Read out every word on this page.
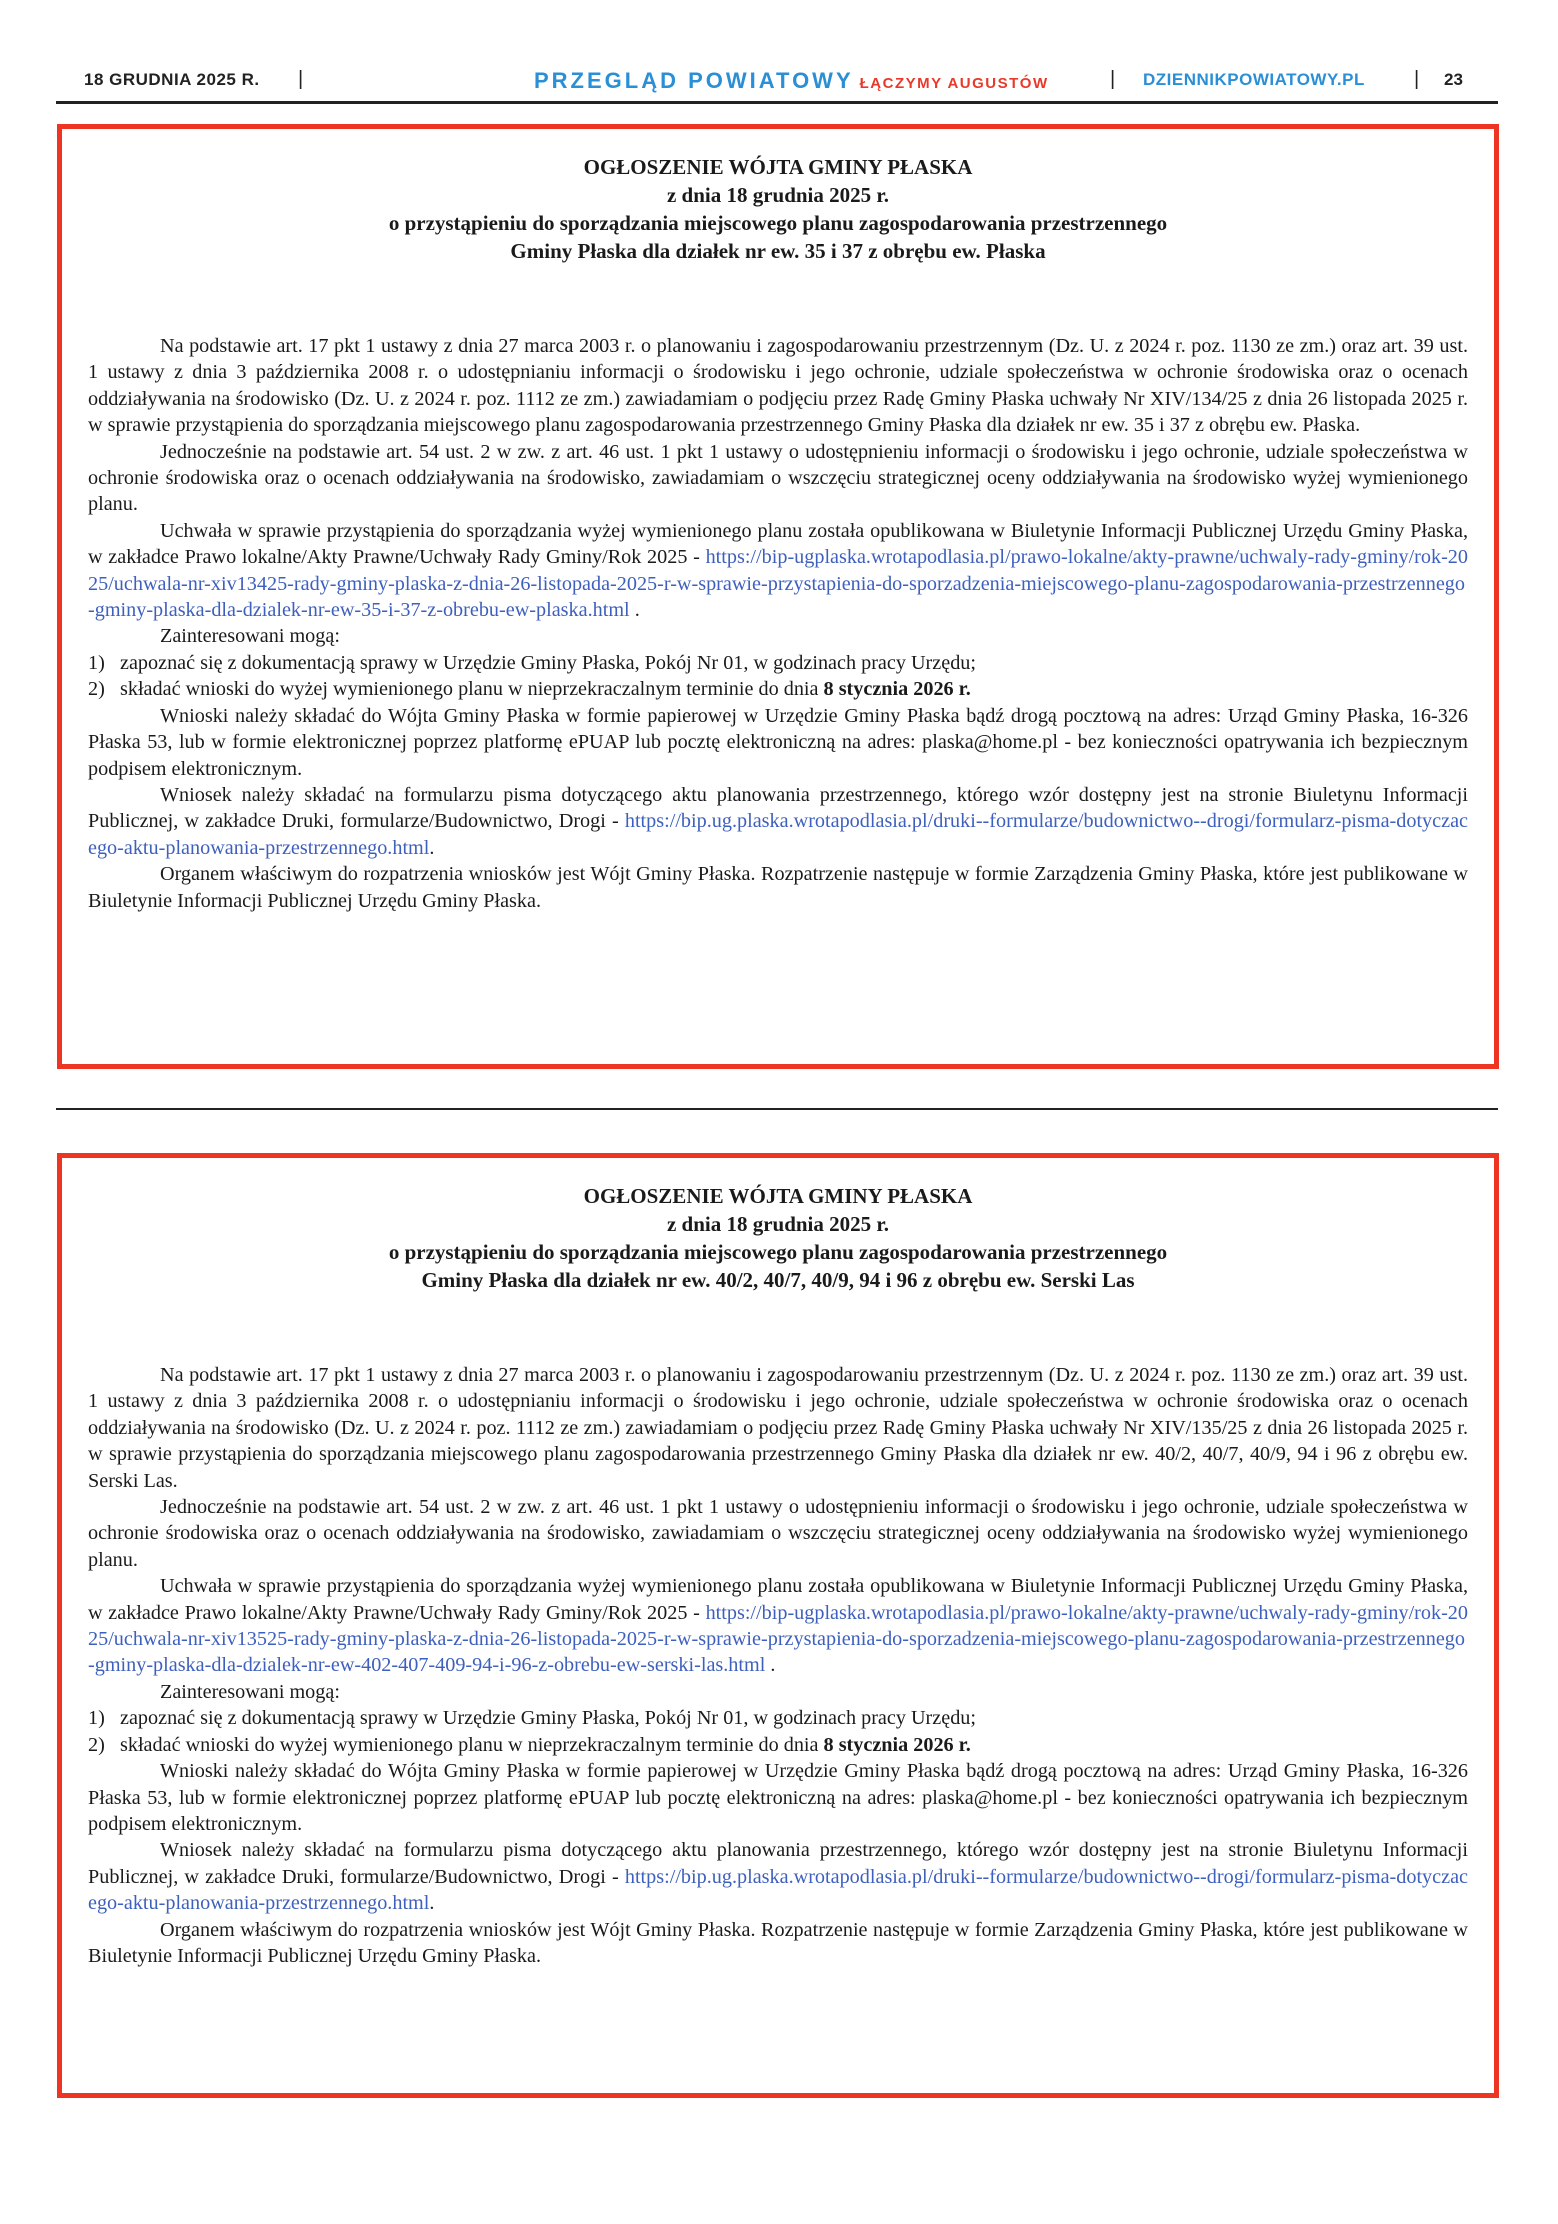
18 GRUDNIA 2025 R. |	PRZEGLĄD POWIATOWY ŁĄCZYMY AUGUSTÓW	| DZIENNIKPOWIATOWY.PL | 23

OGŁOSZENIE WÓJTA GMINY PŁASKA

z dnia 18 grudnia 2025 r.

o przystąpieniu do sporządzania miejscowego planu zagospodarowania przestrzennego

Gminy Płaska dla działek nr ew. 35 i 37 z obrębu ew. Płaska

Na podstawie art. 17 pkt 1 ustawy z dnia 27 marca 2003 r. o planowaniu i zagospodarowaniu przestrzennym (Dz. U. z 2024 r. poz. 1130 ze zm.) oraz art. 39 ust. 1 ustawy z dnia 3 października 2008 r. o udostępnianiu informacji o środowisku i jego ochronie, udziale społeczeństwa w ochronie środowiska oraz o ocenach oddziaływania na środowisko (Dz. U. z 2024 r. poz. 1112 ze zm.) zawiadamiam o podjęciu przez Radę Gminy Płaska uchwały Nr XIV/134/25 z dnia 26 listopada 2025 r. w sprawie przystąpienia do sporządzania miejscowego planu zagospodarowania przestrzennego Gminy Płaska dla działek nr ew. 35 i 37 z obrębu ew. Płaska.

Jednocześnie na podstawie art. 54 ust. 2 w zw. z art. 46 ust. 1 pkt 1 ustawy o udostępnieniu informacji o środowisku i jego ochronie, udziale społeczeństwa w ochronie środowiska oraz o ocenach oddziaływania na środowisko, zawiadamiam o wszczęciu strategicznej oceny oddziaływania na środowisko wyżej wymienionego planu.

Uchwała w sprawie przystąpienia do sporządzania wyżej wymienionego planu została opublikowana w Biuletynie Informacji Publicznej Urzędu Gminy Płaska, w zakładce Prawo lokalne/Akty Prawne/Uchwały Rady Gminy/Rok 2025 - https://bip-ugplaska.wrotapodlasia.pl/prawo-lokalne/akty-prawne/uchwaly-rady-gminy/rok-2025/uchwala-nr-xiv13425-rady-gminy-plaska-z-dnia-26-listopada-2025-r-w-sprawie-przystapienia-do-sporzadzenia-miejscowego-planu-zagospodarowania-przestrzennego-gminy-plaska-dla-dzialek-nr-ew-35-i-37-z-obrebu-ew-plaska.html .

Zainteresowani mogą:

1) zapoznać się z dokumentacją sprawy w Urzędzie Gminy Płaska, Pokój Nr 01, w godzinach pracy Urzędu;

2) składać wnioski do wyżej wymienionego planu w nieprzekraczalnym terminie do dnia 8 stycznia 2026 r.

Wnioski należy składać do Wójta Gminy Płaska w formie papierowej w Urzędzie Gminy Płaska bądź drogą pocztową na adres: Urząd Gminy Płaska, 16-326 Płaska 53, lub w formie elektronicznej poprzez platformę ePUAP lub pocztę elektroniczną na adres: plaska@home.pl - bez konieczności opatrywania ich bezpiecznym podpisem elektronicznym.

Wniosek należy składać na formularzu pisma dotyczącego aktu planowania przestrzennego, którego wzór dostępny jest na stronie Biuletynu Informacji Publicznej, w zakładce Druki, formularze/Budownictwo, Drogi - https://bip.ug.plaska.wrotapodlasia.pl/druki--formularze/budownictwo--drogi/formularz-pisma-dotyczacego-aktu-planowania-przestrzennego.html.

Organem właściwym do rozpatrzenia wniosków jest Wójt Gminy Płaska. Rozpatrzenie następuje w formie Zarządzenia Gminy Płaska, które jest publikowane w Biuletynie Informacji Publicznej Urzędu Gminy Płaska.

OGŁOSZENIE WÓJTA GMINY PŁASKA

z dnia 18 grudnia 2025 r.

o przystąpieniu do sporządzania miejscowego planu zagospodarowania przestrzennego

Gminy Płaska dla działek nr ew. 40/2, 40/7, 40/9, 94 i 96 z obrębu ew. Serski Las

Na podstawie art. 17 pkt 1 ustawy z dnia 27 marca 2003 r. o planowaniu i zagospodarowaniu przestrzennym (Dz. U. z 2024 r. poz. 1130 ze zm.) oraz art. 39 ust. 1 ustawy z dnia 3 października 2008 r. o udostępnianiu informacji o środowisku i jego ochronie, udziale społeczeństwa w ochronie środowiska oraz o ocenach oddziaływania na środowisko (Dz. U. z 2024 r. poz. 1112 ze zm.) zawiadamiam o podjęciu przez Radę Gminy Płaska uchwały Nr XIV/135/25 z dnia 26 listopada 2025 r. w sprawie przystąpienia do sporządzania miejscowego planu zagospodarowania przestrzennego Gminy Płaska dla działek nr ew. 40/2, 40/7, 40/9, 94 i 96 z obrębu ew. Serski Las.

Jednocześnie na podstawie art. 54 ust. 2 w zw. z art. 46 ust. 1 pkt 1 ustawy o udostępnieniu informacji o środowisku i jego ochronie, udziale społeczeństwa w ochronie środowiska oraz o ocenach oddziaływania na środowisko, zawiadamiam o wszczęciu strategicznej oceny oddziaływania na środowisko wyżej wymienionego planu.

Uchwała w sprawie przystąpienia do sporządzania wyżej wymienionego planu została opublikowana w Biuletynie Informacji Publicznej Urzędu Gminy Płaska, w zakładce Prawo lokalne/Akty Prawne/Uchwały Rady Gminy/Rok 2025 - https://bip-ugplaska.wrotapodlasia.pl/prawo-lokalne/akty-prawne/uchwaly-rady-gminy/rok-2025/uchwala-nr-xiv13525-rady-gminy-plaska-z-dnia-26-listopada-2025-r-w-sprawie-przystapienia-do-sporzadzenia-miejscowego-planu-zagospodarowania-przestrzennego-gminy-plaska-dla-dzialek-nr-ew-402-407-409-94-i-96-z-obrebu-ew-serski-las.html .

Zainteresowani mogą:

1) zapoznać się z dokumentacją sprawy w Urzędzie Gminy Płaska, Pokój Nr 01, w godzinach pracy Urzędu;

2) składać wnioski do wyżej wymienionego planu w nieprzekraczalnym terminie do dnia 8 stycznia 2026 r.

Wnioski należy składać do Wójta Gminy Płaska w formie papierowej w Urzędzie Gminy Płaska bądź drogą pocztową na adres: Urząd Gminy Płaska, 16-326 Płaska 53, lub w formie elektronicznej poprzez platformę ePUAP lub pocztę elektroniczną na adres: plaska@home.pl - bez konieczności opatrywania ich bezpiecznym podpisem elektronicznym.

Wniosek należy składać na formularzu pisma dotyczącego aktu planowania przestrzennego, którego wzór dostępny jest na stronie Biuletynu Informacji Publicznej, w zakładce Druki, formularze/Budownictwo, Drogi - https://bip.ug.plaska.wrotapodlasia.pl/druki--formularze/budownictwo--drogi/formularz-pisma-dotyczacego-aktu-planowania-przestrzennego.html.

Organem właściwym do rozpatrzenia wniosków jest Wójt Gminy Płaska. Rozpatrzenie następuje w formie Zarządzenia Gminy Płaska, które jest publikowane w Biuletynie Informacji Publicznej Urzędu Gminy Płaska.
